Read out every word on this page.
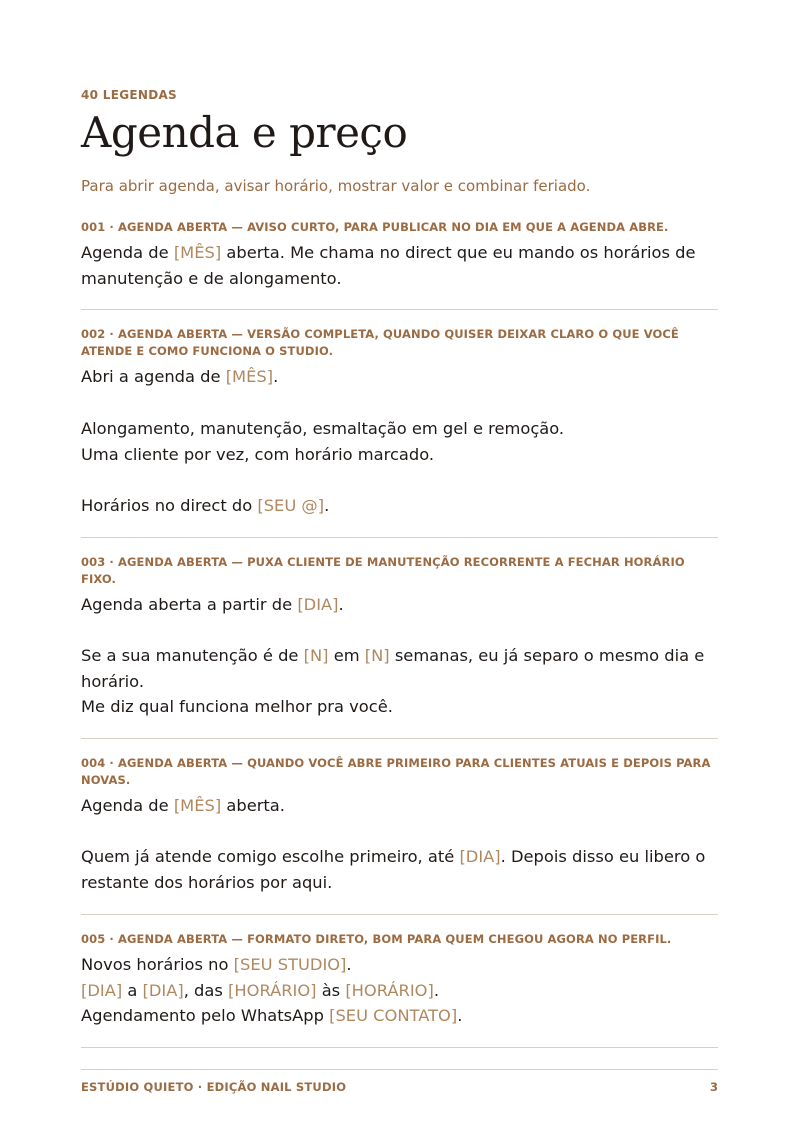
40 LEGENDAS
Agenda e preço
Para abrir agenda, avisar horário, mostrar valor e combinar feriado.
001 · AGENDA ABERTA — AVISO CURTO, PARA PUBLICAR NO DIA EM QUE A AGENDA ABRE.

Agenda de [MÊS] aberta. Me chama no direct que eu mando os horários de manutenção e de alongamento.

002 · AGENDA ABERTA — VERSÃO COMPLETA, QUANDO QUISER DEIXAR CLARO O QUE VOCÊ ATENDE E COMO FUNCIONA O STUDIO.

Abri a agenda de [MÊS].

Alongamento, manutenção, esmaltação em gel e remoção.
Uma cliente por vez, com horário marcado.

Horários no direct do [SEU @].

003 · AGENDA ABERTA — PUXA CLIENTE DE MANUTENÇÃO RECORRENTE A FECHAR HORÁRIO FIXO.

Agenda aberta a partir de [DIA].

Se a sua manutenção é de [N] em [N] semanas, eu já separo o mesmo dia e horário.
Me diz qual funciona melhor pra você.

004 · AGENDA ABERTA — QUANDO VOCÊ ABRE PRIMEIRO PARA CLIENTES ATUAIS E DEPOIS PARA NOVAS.

Agenda de [MÊS] aberta.

Quem já atende comigo escolhe primeiro, até [DIA]. Depois disso eu libero o restante dos horários por aqui.

005 · AGENDA ABERTA — FORMATO DIRETO, BOM PARA QUEM CHEGOU AGORA NO PERFIL.

Novos horários no [SEU STUDIO].
[DIA] a [DIA], das [HORÁRIO] às [HORÁRIO].
Agendamento pelo WhatsApp [SEU CONTATO].

ESTÚDIO QUIETO · EDIÇÃO NAIL STUDIO	3
